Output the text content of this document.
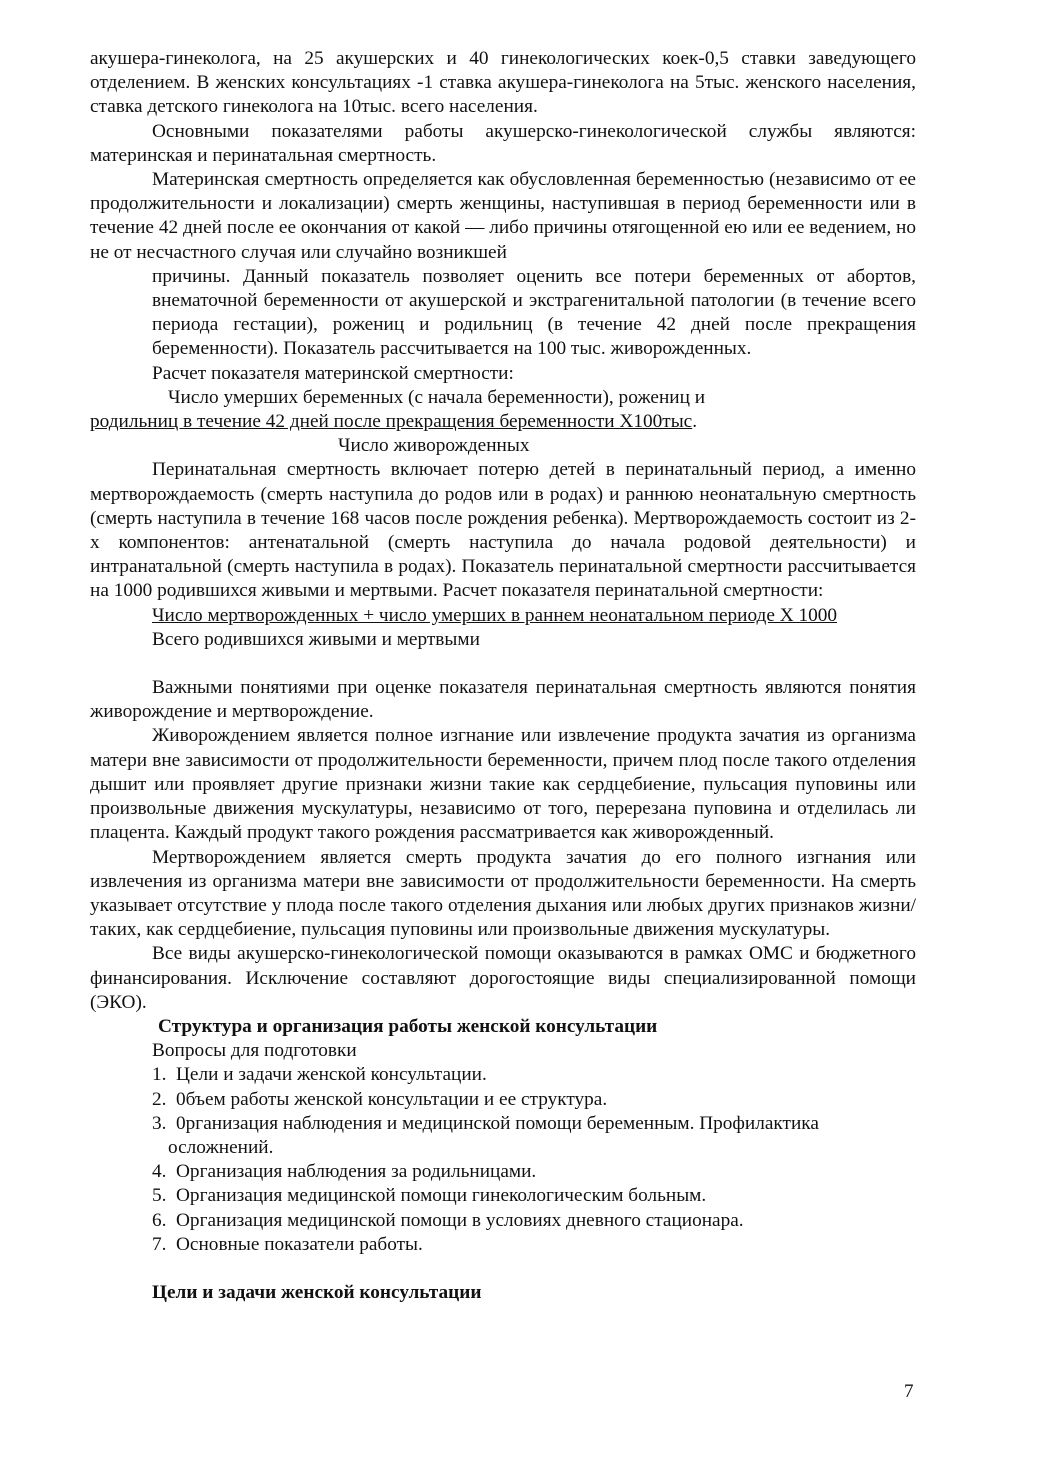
акушера-гинеколога, на 25 акушерских и 40 гинекологических коек-0,5 ставки заведующего отделением. В женских консультациях -1 ставка акушера-гинеколога на 5тыс. женского населения, ставка детского гинеколога на 10тыс. всего населения.

Основными показателями работы акушерско-гинекологической службы являются: материнская и перинатальная смертность.

Материнская смертность определяется как обусловленная беременностью (независимо от ее продолжительности и локализации) смерть женщины, наступившая в период беременности или в течение 42 дней после ее окончания от какой — либо причины отягощенной ею или ее ведением, но не от несчастного случая или случайно возникшей

причины. Данный показатель позволяет оценить все потери беременных от абортов, внематочной беременности от акушерской и экстрагенитальной патологии (в течение всего периода гестации), рожениц и родильниц (в течение 42 дней после прекращения беременности). Показатель рассчитывается на 100 тыс. живорожденных.

Расчет показателя материнской смертности:

Число умерших беременных (с начала беременности), рожениц и

родильниц в течение 42 дней после прекращения беременности Х100тыс.

Число живорожденных

Перинатальная смертность включает потерю детей в перинатальный период, а именно мертворождаемость (смерть наступила до родов или в родах) и раннюю неонатальную смертность (смерть наступила в течение 168 часов после рождения ребенка). Мертворождаемость состоит из 2-х компонентов: антенатальной (смерть наступила до начала родовой деятельности) и интранатальной (смерть наступила в родах). Показатель перинатальной смертности рассчитывается на 1000 родившихся живыми и мертвыми. Расчет показателя перинатальной смертности:

Число мертворожденных + число умерших в раннем неонатальном периоде Х 1000

Всего родившихся живыми и мертвыми

Важными понятиями при оценке показателя перинатальная смертность являются понятия живорождение и мертворождение.

Живорождением является полное изгнание или извлечение продукта зачатия из организма матери вне зависимости от продолжительности беременности, причем плод после такого отделения дышит или проявляет другие признаки жизни такие как сердцебиение, пульсация пуповины или произвольные движения мускулатуры, независимо от того, перерезана пуповина и отделилась ли плацента. Каждый продукт такого рождения рассматривается как живорожденный.

Мертворождением является смерть продукта зачатия до его полного изгнания или извлечения из организма матери вне зависимости от продолжительности беременности. На смерть указывает отсутствие у плода после такого отделения дыхания или любых других признаков жизни/таких, как сердцебиение, пульсация пуповины или произвольные движения мускулатуры.

Все виды акушерско-гинекологической помощи оказываются в рамках ОМС и бюджетного финансирования. Исключение составляют дорогостоящие виды специализированной помощи (ЭКО).

Структура и организация работы женской консультации

Вопросы для подготовки

1. Цели и задачи женской консультации.
2. 0бъем работы женской консультации и ее структура.
3. 0рганизация наблюдения и медицинской помощи беременным. Профилактика
осложнений.
4. Организация наблюдения за родильницами.
5. Организация медицинской помощи гинекологическим больным.
6. Организация медицинской помощи в условиях дневного стационара.
7. Основные показатели работы.

Цели и задачи женской консультации

7
